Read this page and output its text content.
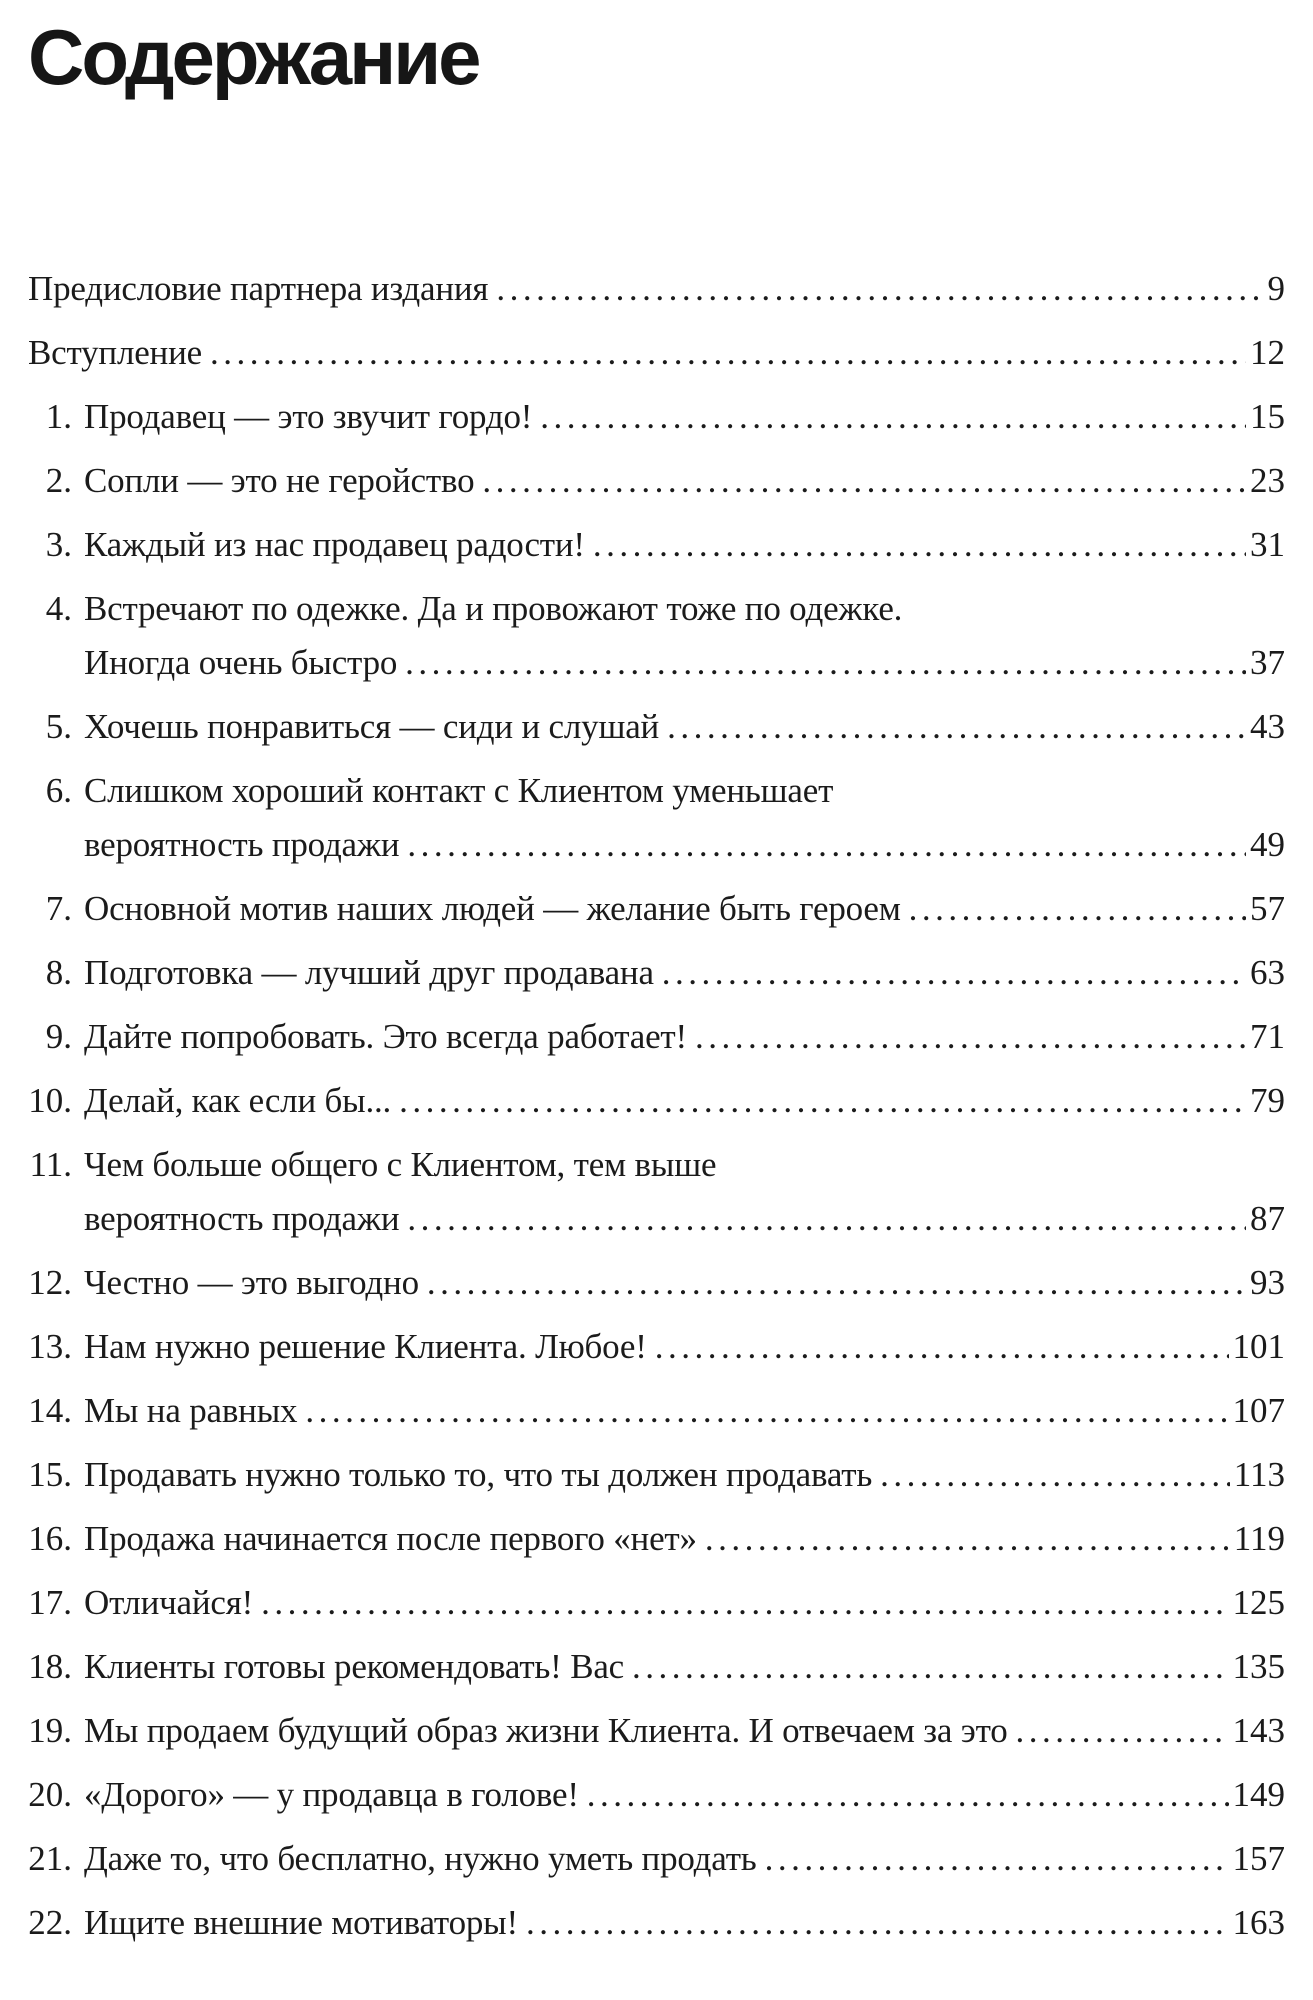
Содержание
Предисловие партнера издания .....	9
Вступление .....	12
1. Продавец — это звучит гордо! .....	15
2. Сопли — это не геройство .....	23
3. Каждый из нас продавец радости! .....	31
4. Встречают по одежке. Да и провожают тоже по одежке.
Иногда очень быстро .....	37
5. Хочешь понравиться — сиди и слушай .....	43
6. Слишком хороший контакт с Клиентом уменьшает
вероятность продажи .....	49
7. Основной мотив наших людей — желание быть героем .....	57
8. Подготовка — лучший друг продавана .....	63
9. Дайте попробовать. Это всегда работает! .....	71
10. Делай, как если бы... .....	79
11. Чем больше общего с Клиентом, тем выше
вероятность продажи .....	87
12. Честно — это выгодно .....	93
13. Нам нужно решение Клиента. Любое! .....	101
14. Мы на равных .....	107
15. Продавать нужно только то, что ты должен продавать .....	113
16. Продажа начинается после первого «нет» .....	119
17. Отличайся! .....	125
18. Клиенты готовы рекомендовать! Вас .....	135
19. Мы продаем будущий образ жизни Клиента. И отвечаем за это .....	143
20. «Дорого» — у продавца в голове! .....	149
21. Даже то, что бесплатно, нужно уметь продать .....	157
22. Ищите внешние мотиваторы! .....	163
